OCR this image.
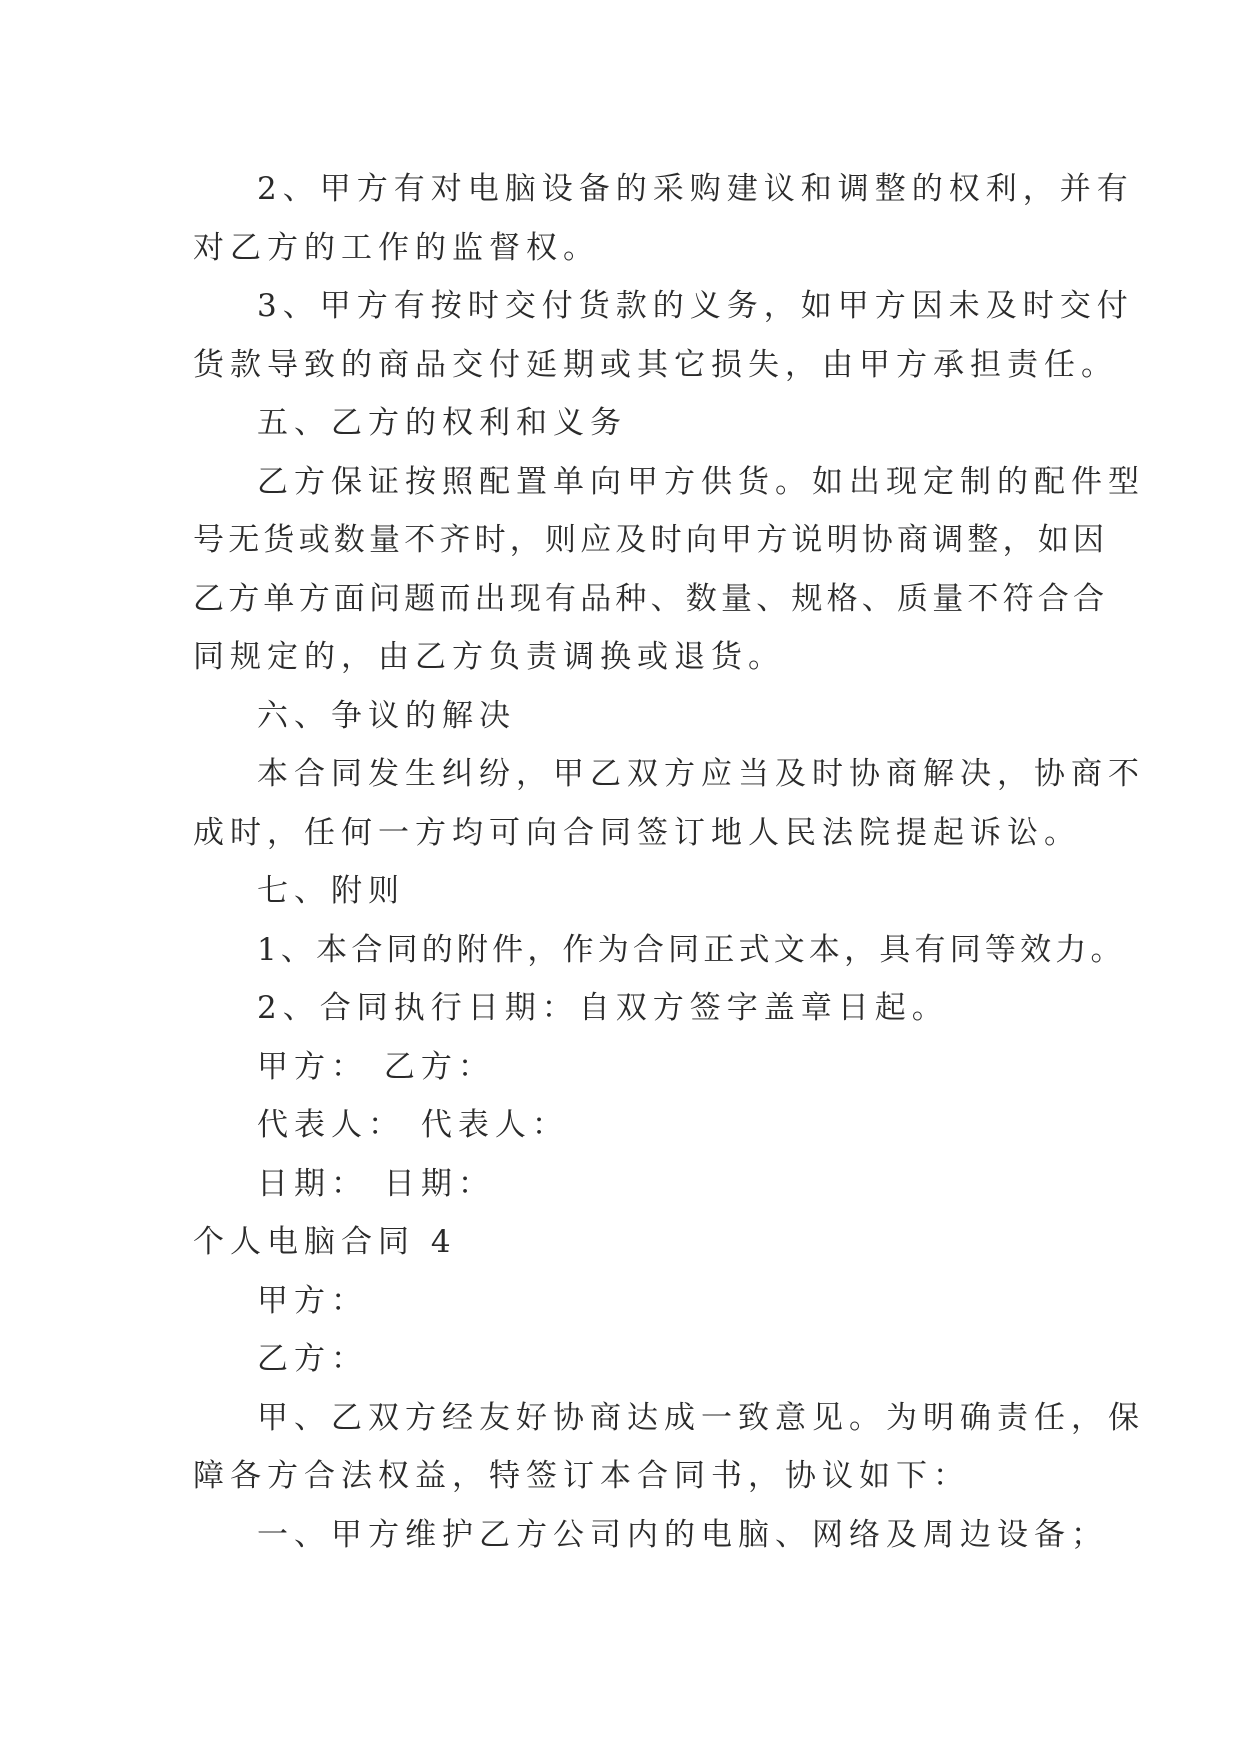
2、甲方有对电脑设备的采购建议和调整的权利，并有
对乙方的工作的监督权。
3、甲方有按时交付货款的义务，如甲方因未及时交付
货款导致的商品交付延期或其它损失，由甲方承担责任。
五、乙方的权利和义务
乙方保证按照配置单向甲方供货。如出现定制的配件型
号无货或数量不齐时，则应及时向甲方说明协商调整，如因
乙方单方面问题而出现有品种、数量、规格、质量不符合合
同规定的，由乙方负责调换或退货。
六、争议的解决
本合同发生纠纷，甲乙双方应当及时协商解决，协商不
成时，任何一方均可向合同签订地人民法院提起诉讼。
七、附则
1、本合同的附件，作为合同正式文本，具有同等效力。
2、合同执行日期：自双方签字盖章日起。
甲方： 乙方：
代表人： 代表人：
日期： 日期：
个人电脑合同 4
甲方：
乙方：
甲、乙双方经友好协商达成一致意见。为明确责任，保
障各方合法权益，特签订本合同书，协议如下：
一、甲方维护乙方公司内的电脑、网络及周边设备；
